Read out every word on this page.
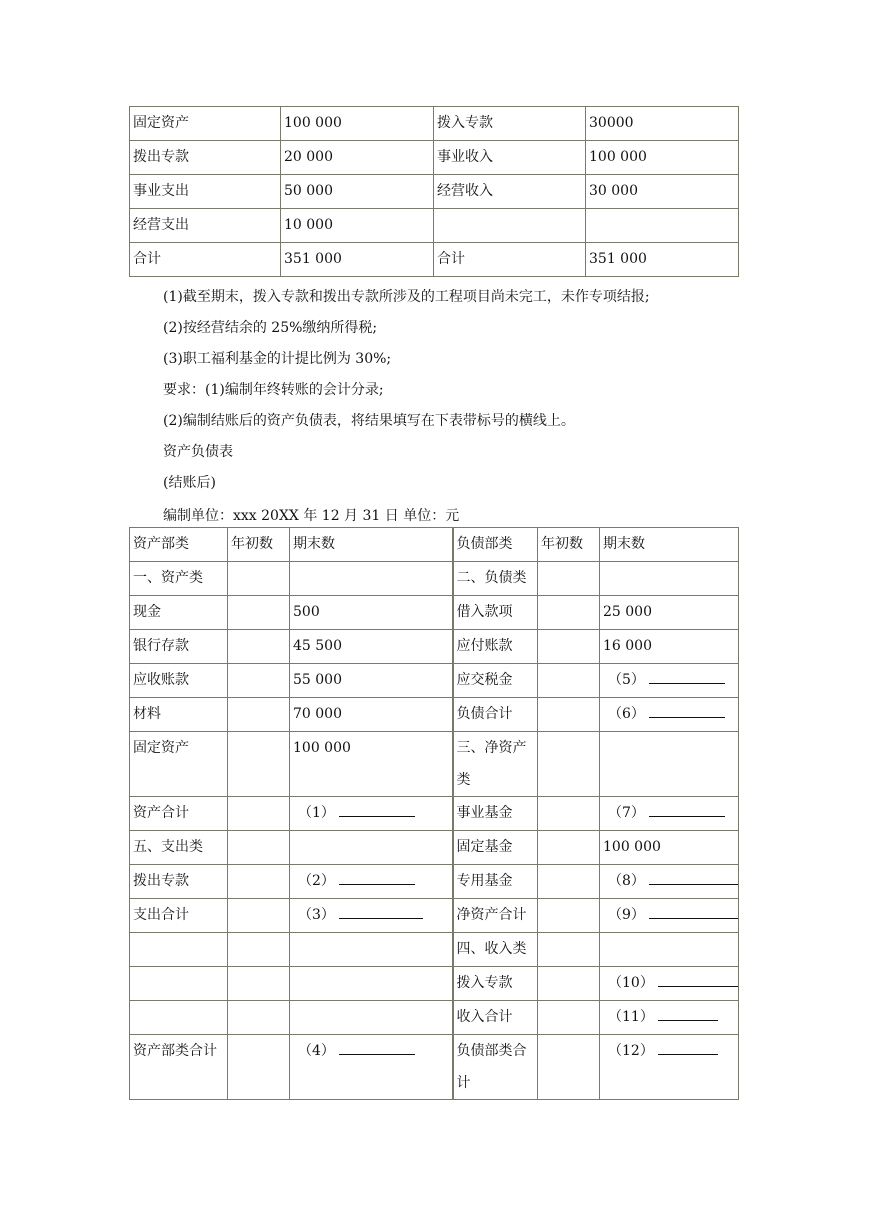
固定资产	100 000	拨入专款	30000
拨出专款	20 000	事业收入	100 000
事业支出	50 000	经营收入	30 000
经营支出	10 000		
合计	351 000	合计	351 000
(1)截至期末，拨入专款和拨出专款所涉及的工程项目尚未完工，未作专项结报;
(2)按经营结余的 25%缴纳所得税;
(3)职工福利基金的计提比例为 30%;
要求：(1)编制年终转账的会计分录;
(2)编制结账后的资产负债表，将结果填写在下表带标号的横线上。
资产负债表
(结账后)
编制单位：xxx 20XX 年 12 月 31 日 单位：元
资产部类	年初数	期末数	负债部类	年初数	期末数
一、资产类			二、负债类		
现金		500	借入款项		25 000
银行存款		45 500	应付账款		16 000
应收账款		55 000	应交税金		（5）
材料		70 000	负债合计		（6）
固定资产		100 000	三、净资产类		
资产合计		（1）	事业基金		（7）
五、支出类			固定基金		100 000
拨出专款		（2）	专用基金		（8）
支出合计		（3）	净资产合计		（9）
			四、收入类		
			拨入专款		（10）
			收入合计		（11）
资产部类合计		（4）	负债部类合计		（12）
